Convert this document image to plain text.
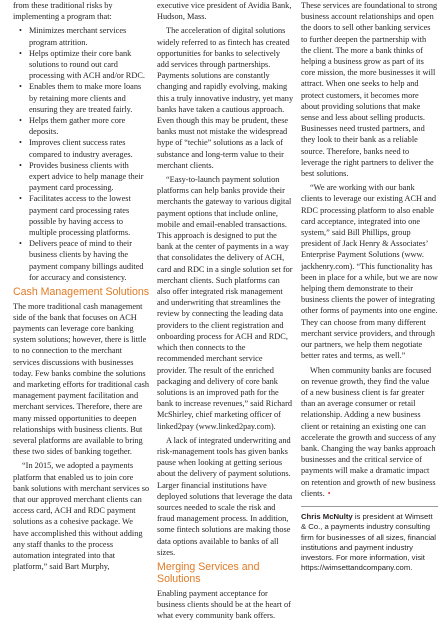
from these traditional risks by implementing a program that:

• Minimizes merchant services program attrition.
• Helps optimize their core bank solutions to round out card processing with ACH and/or RDC.
• Enables them to make more loans by retaining more clients and ensuring they are treated fairly.
• Helps them gather more core deposits.
• Improves client success rates compared to industry averages.
• Provides business clients with expert advice to help manage their payment card processing.
• Facilitates access to the lowest payment card processing rates possible by having access to multiple processing platforms.
• Delivers peace of mind to their business clients by having the payment company billings audited for accuracy and consistency.
Cash Management Solutions

The more traditional cash management side of the bank that focuses on ACH payments can leverage core banking system solutions; however, there is little to no connection to the merchant services discussions with businesses today. Few banks combine the solutions and marketing efforts for traditional cash management payment facilitation and merchant services. Therefore, there are many missed opportunities to deepen relationships with business clients. But several platforms are available to bring these two sides of banking together.

“In 2015, we adopted a payments platform that enabled us to join core bank solutions with merchant services so that our approved merchant clients can access card, ACH and RDC payment solutions as a cohesive package. We have accomplished this without adding any staff thanks to the process automation integrated into that platform,” said Bart Murphy,

executive vice president of Avidia Bank, Hudson, Mass.

The acceleration of digital solutions widely referred to as fintech has created opportunities for banks to selectively add services through partnerships. Payments solutions are constantly changing and rapidly evolving, making this a truly innovative industry, yet many banks have taken a cautious approach. Even though this may be prudent, these banks must not mistake the widespread hype of “techie” solutions as a lack of substance and long-term value to their merchant clients.

“Easy-to-launch payment solution platforms can help banks provide their merchants the gateway to various digital payment options that include online, mobile and email-enabled transactions. This approach is designed to put the bank at the center of payments in a way that consolidates the delivery of ACH, card and RDC in a single solution set for merchant clients. Such platforms can also offer integrated risk management and underwriting that streamlines the review by connecting the leading data providers to the client registration and onboarding process for ACH and RDC, which then connects to the recommended merchant service provider. The result of the enriched packaging and delivery of core bank solutions is an improved path for the bank to increase revenues,” said Richard McShirley, chief marketing officer of linked2pay (www.linked2pay.com).

A lack of integrated underwriting and risk-management tools has given banks pause when looking at getting serious about the delivery of payment solutions. Larger financial institutions have deployed solutions that leverage the data sources needed to scale the risk and fraud management process. In addition, some fintech solutions are making those data options available to banks of all sizes.

Merging Services and Solutions

Enabling payment acceptance for business clients should be at the heart of what every community bank offers.

These services are foundational to strong business account relationships and open the doors to sell other banking services to further deepen the partnership with the client. The more a bank thinks of helping a business grow as part of its core mission, the more businesses it will attract. When one seeks to help and protect customers, it becomes more about providing solutions that make sense and less about selling products. Businesses need trusted partners, and they look to their bank as a reliable source. Therefore, banks need to leverage the right partners to deliver the best solutions.

“We are working with our bank clients to leverage our existing ACH and RDC processing platform to also enable card acceptance, integrated into one system,” said Bill Phillips, group president of Jack Henry & Associates’ Enterprise Payment Solutions (www. jackhenry.com). “This functionality has been in place for a while, but we are now helping them demonstrate to their business clients the power of integrating other forms of payments into one engine. They can choose from many different merchant service providers, and through our partners, we help them negotiate better rates and terms, as well.”

When community banks are focused on revenue growth, they find the value of a new business client is far greater than an average consumer or retail relationship. Adding a new business client or retaining an existing one can accelerate the growth and success of any bank. Changing the way banks approach businesses and the critical service of payments will make a dramatic impact on retention and growth of new business clients. •

Chris McNulty is president at Wimsett & Co., a payments industry consulting firm for businesses of all sizes, financial institutions and payment industry investors. For more information, visit https://wimsettandcompany.com.
